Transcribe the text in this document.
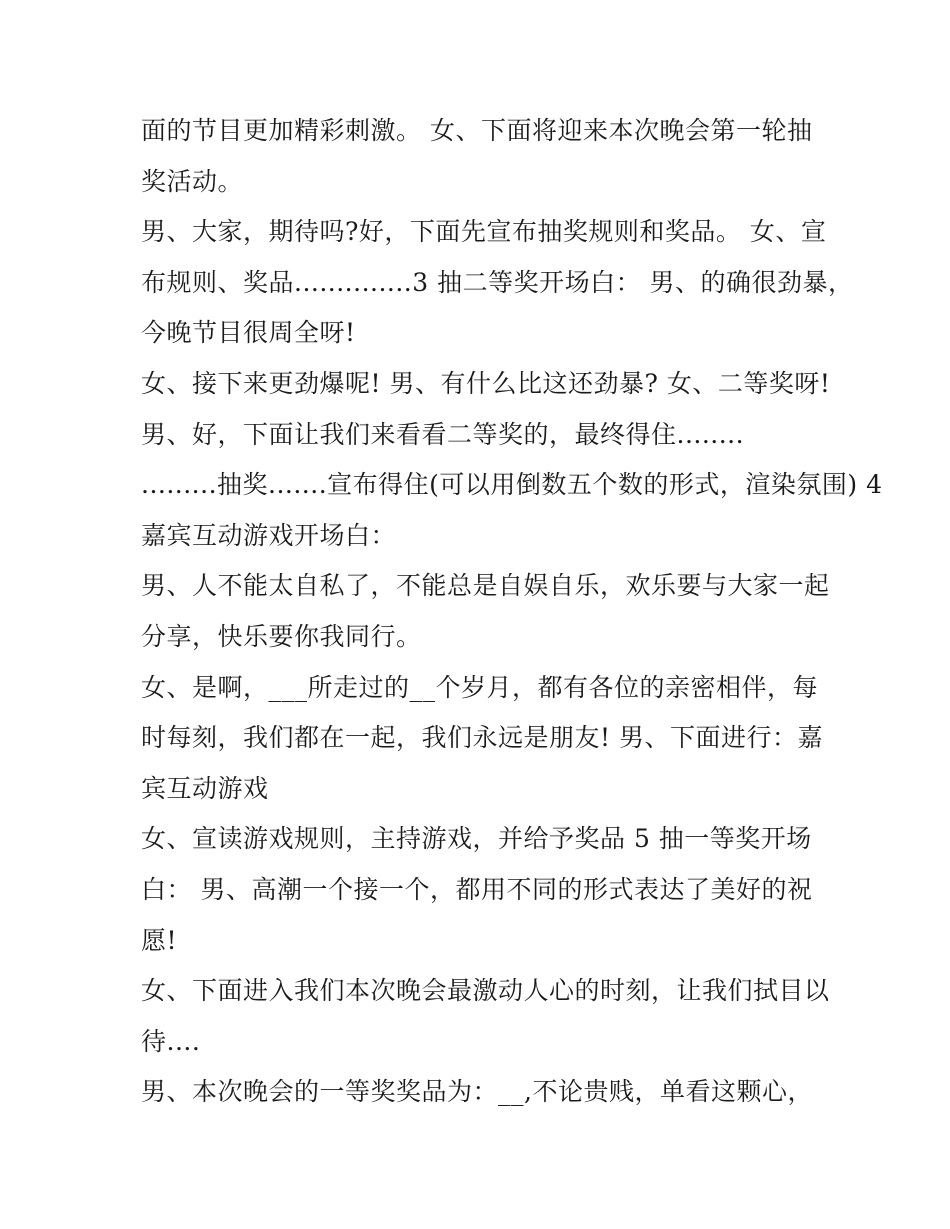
面的节目更加精彩刺激。 女、下面将迎来本次晚会第一轮抽
奖活动。
男、大家，期待吗?好，下面先宣布抽奖规则和奖品。 女、宣
布规则、奖品..............3 抽二等奖开场白： 男、的确很劲暴，
今晚节目很周全呀!
女、接下来更劲爆呢! 男、有什么比这还劲暴? 女、二等奖呀!
男、好，下面让我们来看看二等奖的，最终得住........
.........抽奖.......宣布得住(可以用倒数五个数的形式，渲染氛围) 4
嘉宾互动游戏开场白：
男、人不能太自私了，不能总是自娱自乐，欢乐要与大家一起
分享，快乐要你我同行。
女、是啊，___所走过的__个岁月，都有各位的亲密相伴，每
时每刻，我们都在一起，我们永远是朋友! 男、下面进行：嘉
宾互动游戏
女、宣读游戏规则，主持游戏，并给予奖品 5 抽一等奖开场
白： 男、高潮一个接一个，都用不同的形式表达了美好的祝
愿!
女、下面进入我们本次晚会最激动人心的时刻，让我们拭目以
待....
男、本次晚会的一等奖奖品为：__,不论贵贱，单看这颗心，
